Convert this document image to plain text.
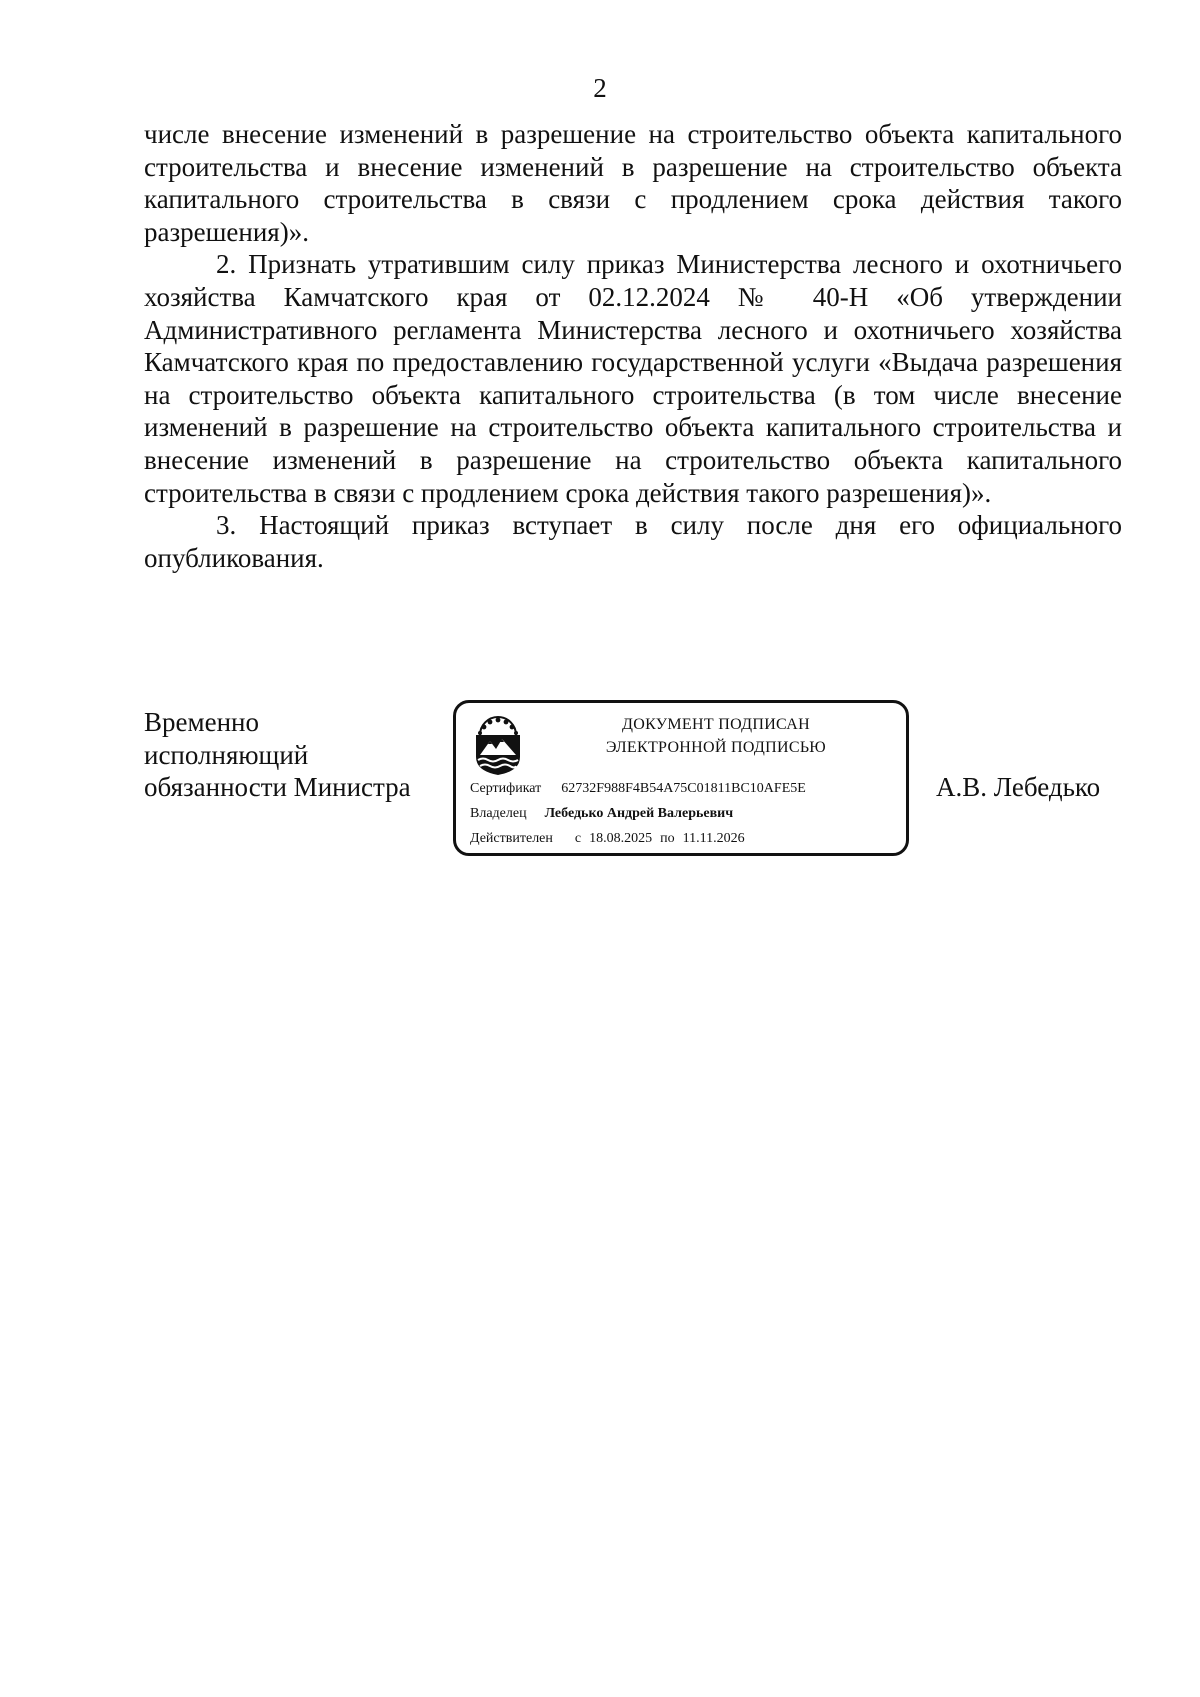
2

числе внесение изменений в разрешение на строительство объекта капитального строительства и внесение изменений в разрешение на строительство объекта капитального строительства в связи с продлением срока действия такого разрешения)».

2. Признать утратившим силу приказ Министерства лесного и охотничьего хозяйства Камчатского края от 02.12.2024 № 40-Н «Об утверждении Административного регламента Министерства лесного и охотничьего хозяйства Камчатского края по предоставлению государственной услуги «Выдача разрешения на строительство объекта капитального строительства (в том числе внесение изменений в разрешение на строительство объекта капитального строительства и внесение изменений в разрешение на строительство объекта капитального строительства в связи с продлением срока действия такого разрешения)».

3. Настоящий приказ вступает в силу после дня его официального опубликования.

Временно
исполняющий
обязанности Министра
ДОКУМЕНТ ПОДПИСАН
ЭЛЕКТРОННОЙ ПОДПИСЬЮ
Сертификат 62732F988F4B54A75C01811BC10AFE5E
Владелец Лебедько Андрей Валерьевич
Действителен с 18.08.2025 по 11.11.2026
А.В. Лебедько
